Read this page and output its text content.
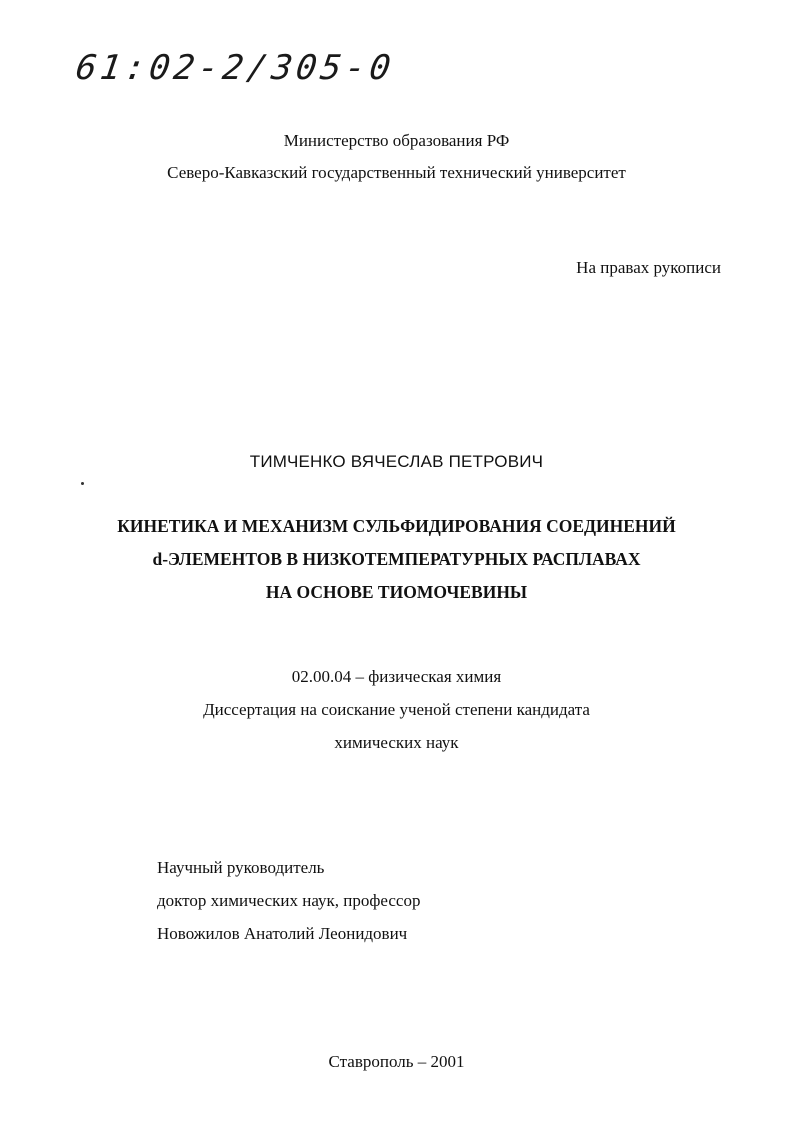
61:02-2/305-0
Министерство образования РФ
Северо-Кавказский государственный технический университет
На правах рукописи
ТИМЧЕНКО ВЯЧЕСЛАВ ПЕТРОВИЧ
КИНЕТИКА И МЕХАНИЗМ СУЛЬФИДИРОВАНИЯ СОЕДИНЕНИЙ
d-ЭЛЕМЕНТОВ В НИЗКОТЕМПЕРАТУРНЫХ РАСПЛАВАХ
НА ОСНОВЕ ТИОМОЧЕВИНЫ
02.00.04 – физическая химия
Диссертация на соискание ученой степени кандидата
химических наук
Научный руководитель
доктор химических наук, профессор
Новожилов Анатолий Леонидович
Ставрополь – 2001
